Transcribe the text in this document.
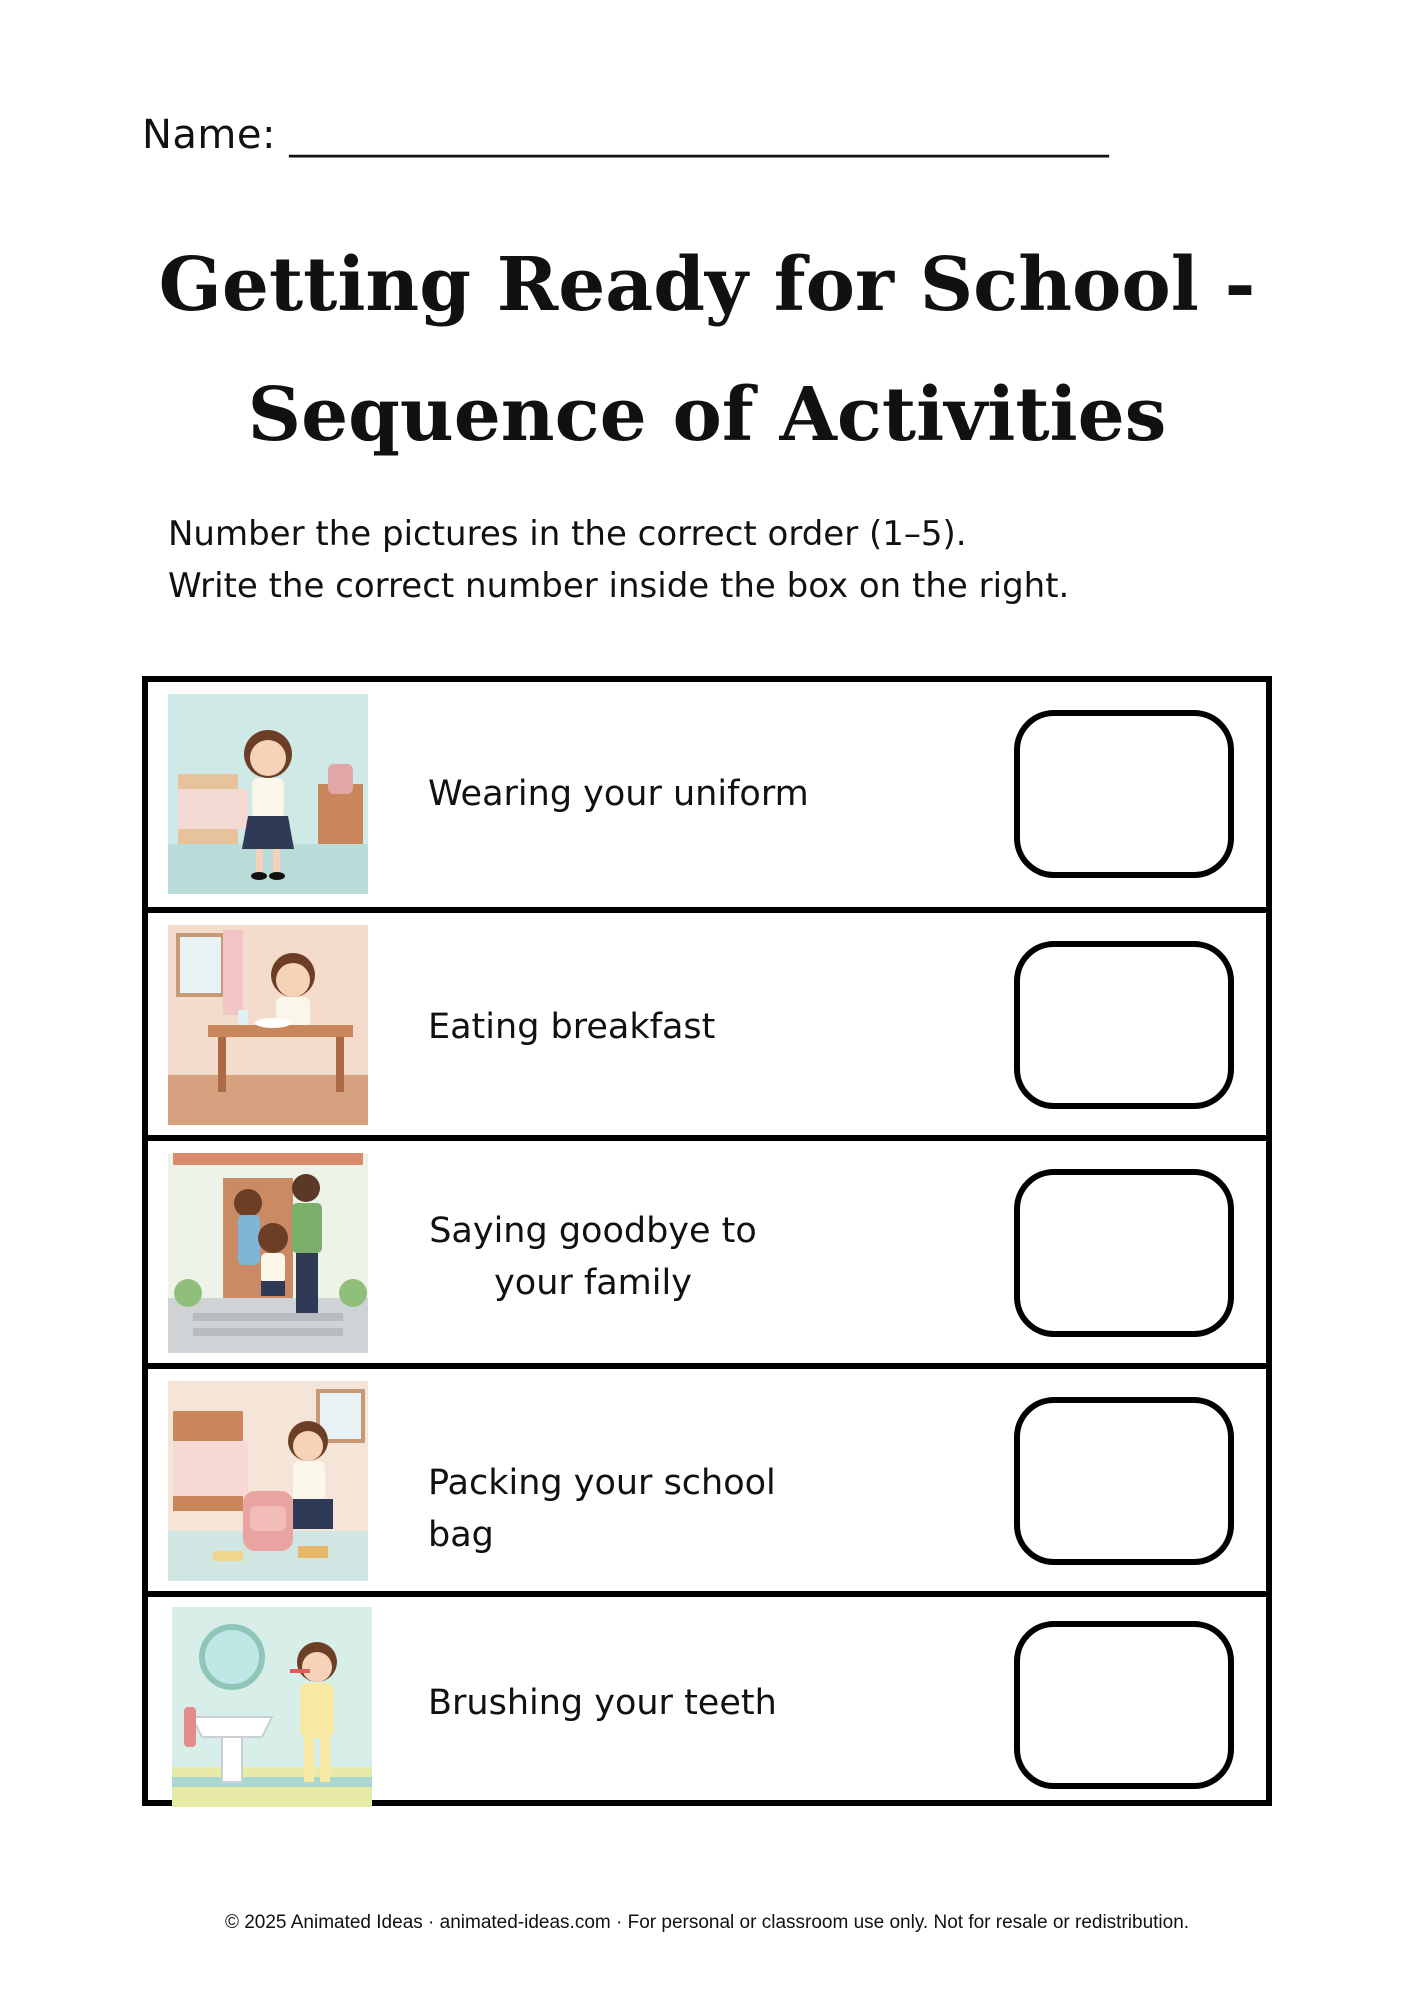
Name: ________________________________________
Getting Ready for School -
Sequence of Activities
Number the pictures in the correct order (1–5).
Write the correct number inside the box on the right.
Wearing your uniform
Eating breakfast
Saying goodbye to
your family
Packing your school bag
Brushing your teeth
© 2025 Animated Ideas · animated-ideas.com · For personal or classroom use only. Not for resale or redistribution.
